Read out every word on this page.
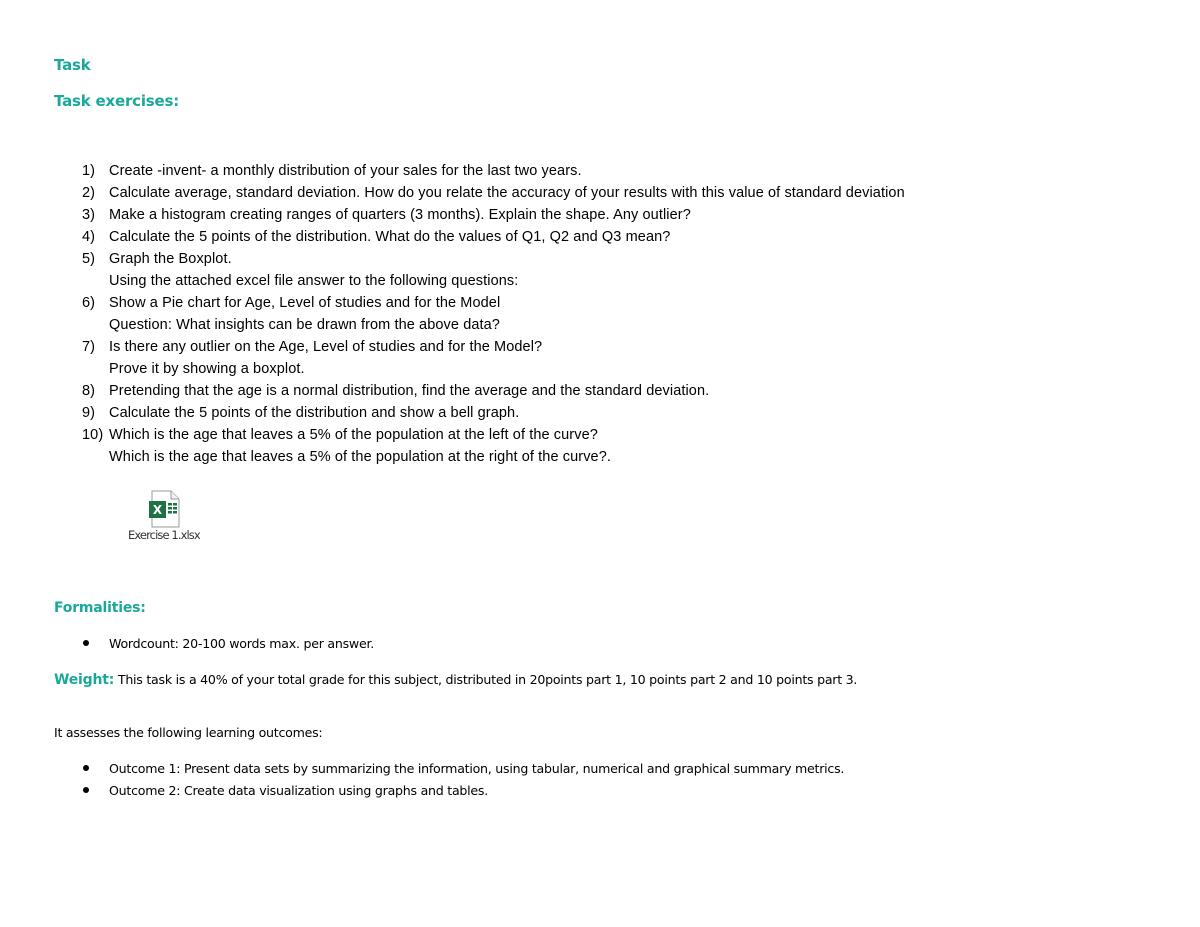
Task
Task exercises:
1) Create -invent- a monthly distribution of your sales for the last two years.
2) Calculate average, standard deviation. How do you relate the accuracy of your results with this value of standard deviation
3) Make a histogram creating ranges of quarters (3 months). Explain the shape. Any outlier?
4) Calculate the 5 points of the distribution. What do the values of Q1, Q2 and Q3 mean?
5) Graph the Boxplot.
Using the attached excel file answer to the following questions:
6) Show a Pie chart for Age, Level of studies and for the Model
Question: What insights can be drawn from the above data?
7) Is there any outlier on the Age, Level of studies and for the Model?
Prove it by showing a boxplot.
8) Pretending that the age is a normal distribution, find the average and the standard deviation.
9) Calculate the 5 points of the distribution and show a bell graph.
10) Which is the age that leaves a 5% of the population at the left of the curve?
Which is the age that leaves a 5% of the population at the right of the curve?.
X
Exercise 1.xlsx
Formalities:
Wordcount: 20-100 words max. per answer.
Weight: This task is a 40% of your total grade for this subject, distributed in 20points part 1, 10 points part 2 and 10 points part 3.
It assesses the following learning outcomes:
Outcome 1: Present data sets by summarizing the information, using tabular, numerical and graphical summary metrics.
Outcome 2: Create data visualization using graphs and tables.
